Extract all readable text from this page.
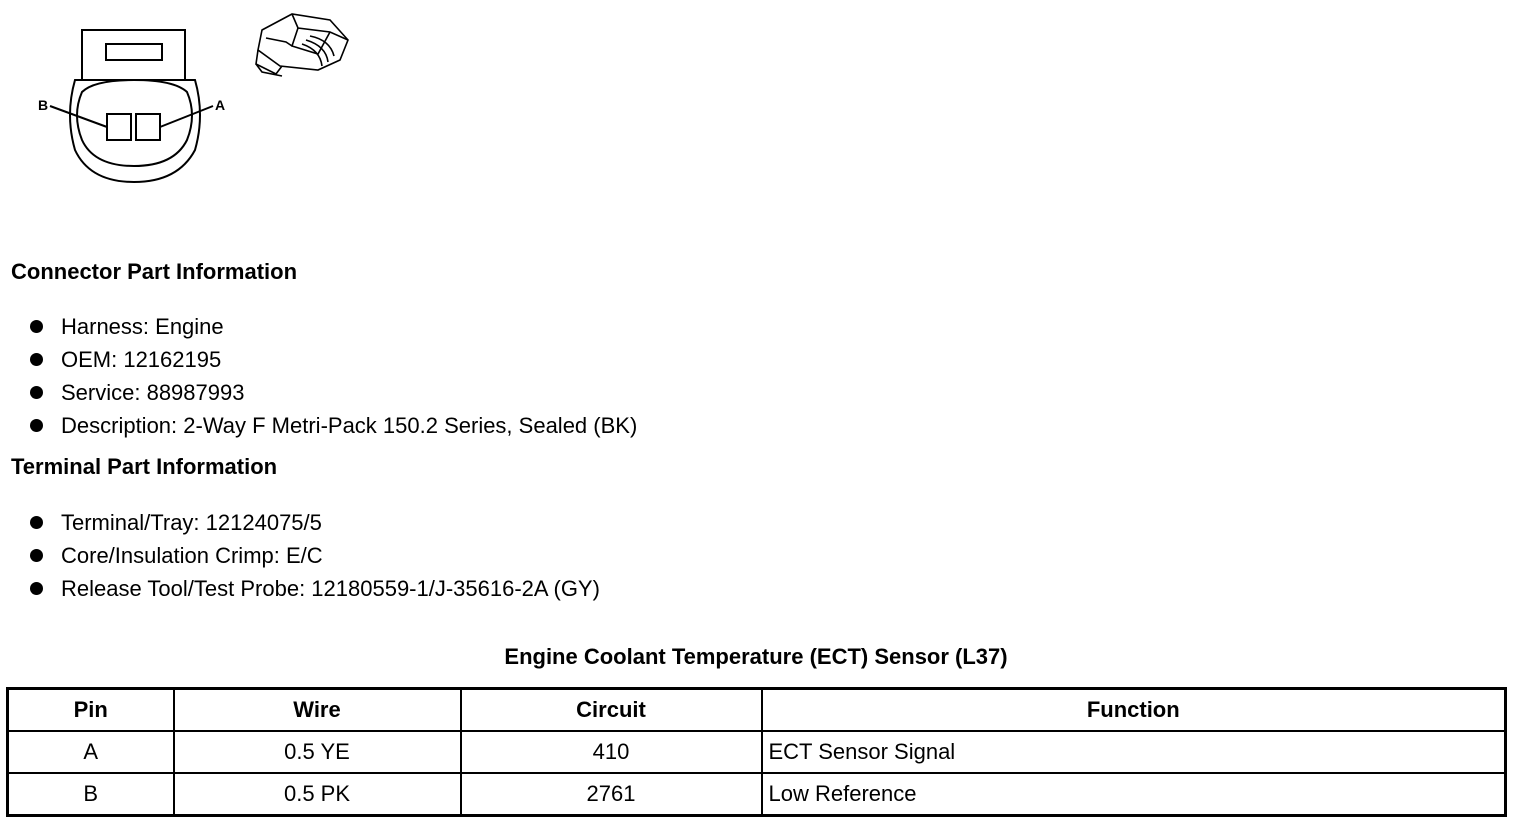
B	A
Connector Part Information
Harness: Engine
OEM: 12162195
Service: 88987993
Description: 2-Way F Metri-Pack 150.2 Series, Sealed (BK)
Terminal Part Information
Terminal/Tray: 12124075/5
Core/Insulation Crimp: E/C
Release Tool/Test Probe: 12180559-1/J-35616-2A (GY)
Engine Coolant Temperature (ECT) Sensor (L37)
Pin	Wire	Circuit	Function
A	0.5 YE	410	ECT Sensor Signal
B	0.5 PK	2761	Low Reference
